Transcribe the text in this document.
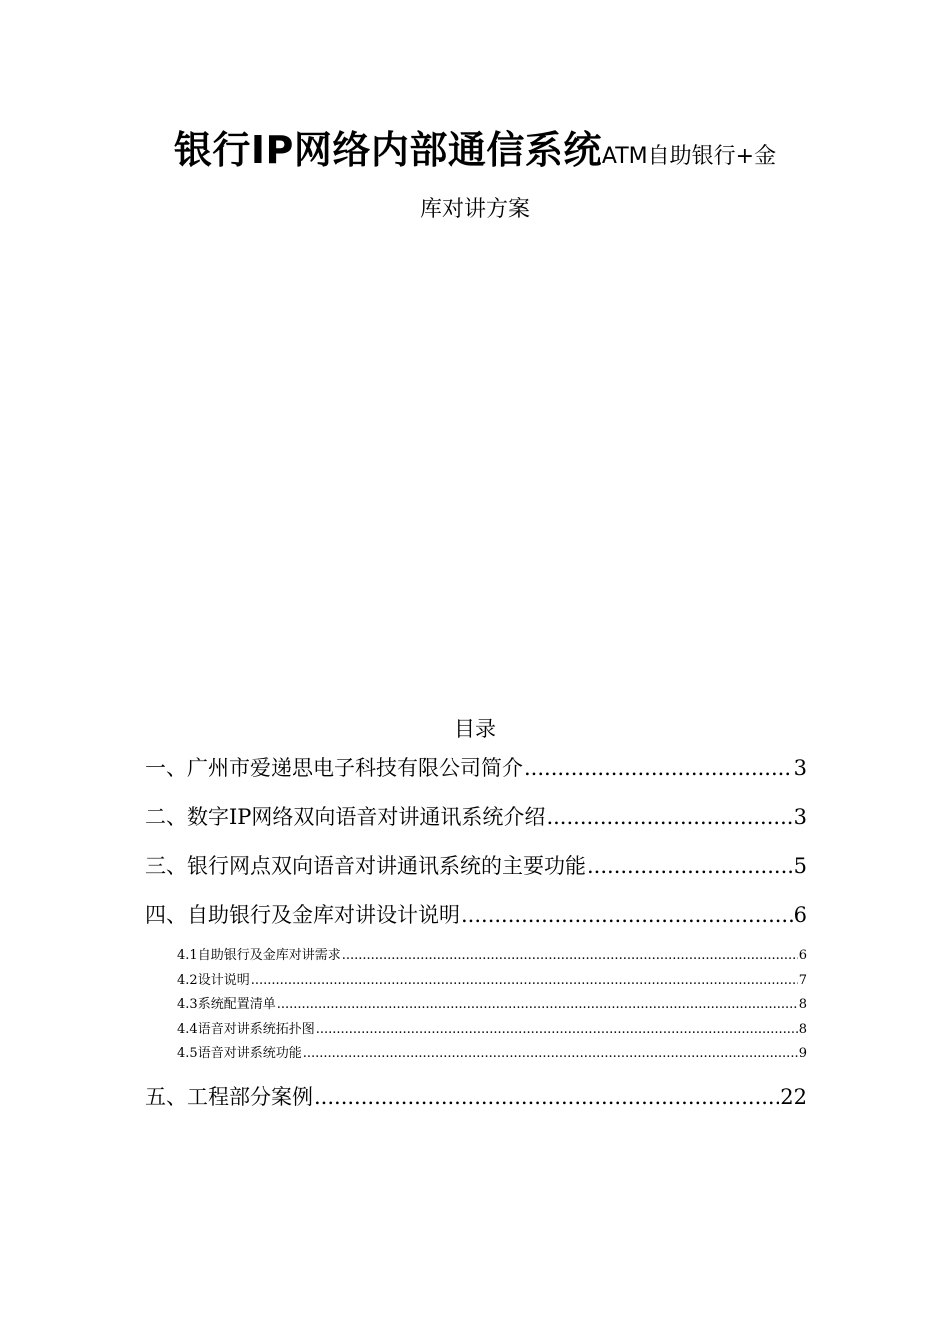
银行IP网络内部通信系统ATM自助银行+金
库对讲方案
目录
一、 广州市爱递思电子科技有限公司简介 .....	3
二、 数字IP网络双向语音对讲通讯系统介绍 .....	3
三、 银行网点双向语音对讲通讯系统的主要功能 .....	5
四、 自助银行及金库对讲设计说明 .....	6
4.1 自助银行及金库对讲需求 .....	6
4.2 设计说明 .....	7
4.3 系统配置清单 .....	8
4.4 语音对讲系统拓扑图 .....	8
4.5 语音对讲系统功能 .....	9
五、 工程部分案例 .....	22
